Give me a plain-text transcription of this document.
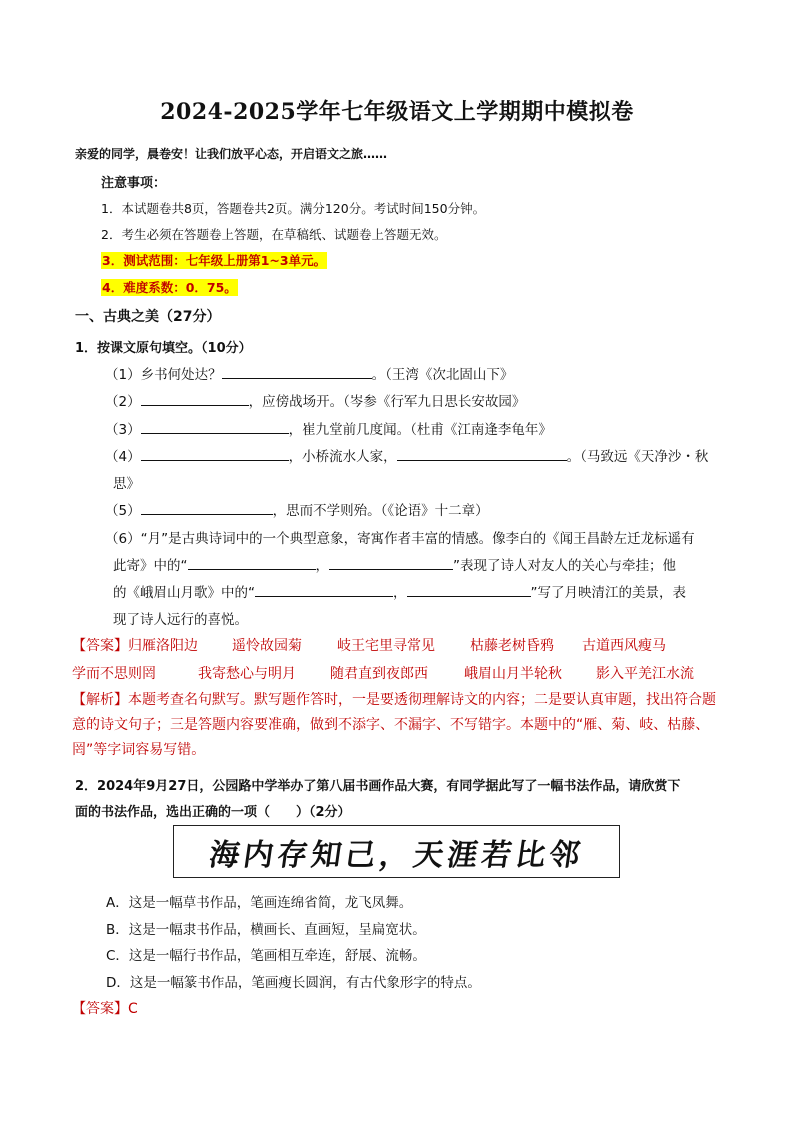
2024-2025学年七年级语文上学期期中模拟卷
亲爱的同学，晨卷安！让我们放平心态，开启语文之旅……
注意事项：
1．本试题卷共8页，答题卷共2页。满分120分。考试时间150分钟。
2．考生必须在答题卷上答题，在草稿纸、试题卷上答题无效。
3．测试范围：七年级上册第1~3单元。
4．难度系数：0．75。
一、古典之美（27分）
1．按课文原句填空。（10分）
（1）乡书何处达？	。（王湾《次北固山下》
（2）	，应傍战场开。（岑参《行军九日思长安故园》
（3）	，崔九堂前几度闻。（杜甫《江南逢李龟年》
（4）	，小桥流水人家，	。（马致远《天净沙・秋
思》
（5）	，思而不学则殆。（《论语》十二章）
（6）“月”是古典诗词中的一个典型意象，寄寓作者丰富的情感。像李白的《闻王昌龄左迁龙标遥有
此寄》中的“	，	”表现了诗人对友人的关心与牵挂；他
的《峨眉山月歌》中的“	，	”写了月映清江的美景，表
现了诗人远行的喜悦。
【答案】 归雁洛阳边 遥怜故园菊	岐王宅里寻常见	枯藤老树昏鸦 古道西风瘦马
学而不思则罔	我寄愁心与明月 随君直到夜郎西	峨眉山月半轮秋 影入平羌江水流
【解析】本题考查名句默写。默写题作答时，一是要透彻理解诗文的内容；二是要认真审题，找出符合题意的诗文句子；三是答题内容要准确，做到不添字、不漏字、不写错字。本题中的“雁、菊、岐、枯藤、罔”等字词容易写错。
2．2024年9月27日，公园路中学举办了第八届书画作品大赛，有同学据此写了一幅书法作品，请欣赏下
面的书法作品，选出正确的一项（　　）（2分）
海内存知己，天涯若比邻
A．这是一幅草书作品，笔画连绵省简，龙飞凤舞。
B．这是一幅隶书作品，横画长、直画短，呈扁宽状。
C．这是一幅行书作品，笔画相互牵连，舒展、流畅。
D．这是一幅篆书作品，笔画瘦长圆润，有古代象形字的特点。
【答案】C
